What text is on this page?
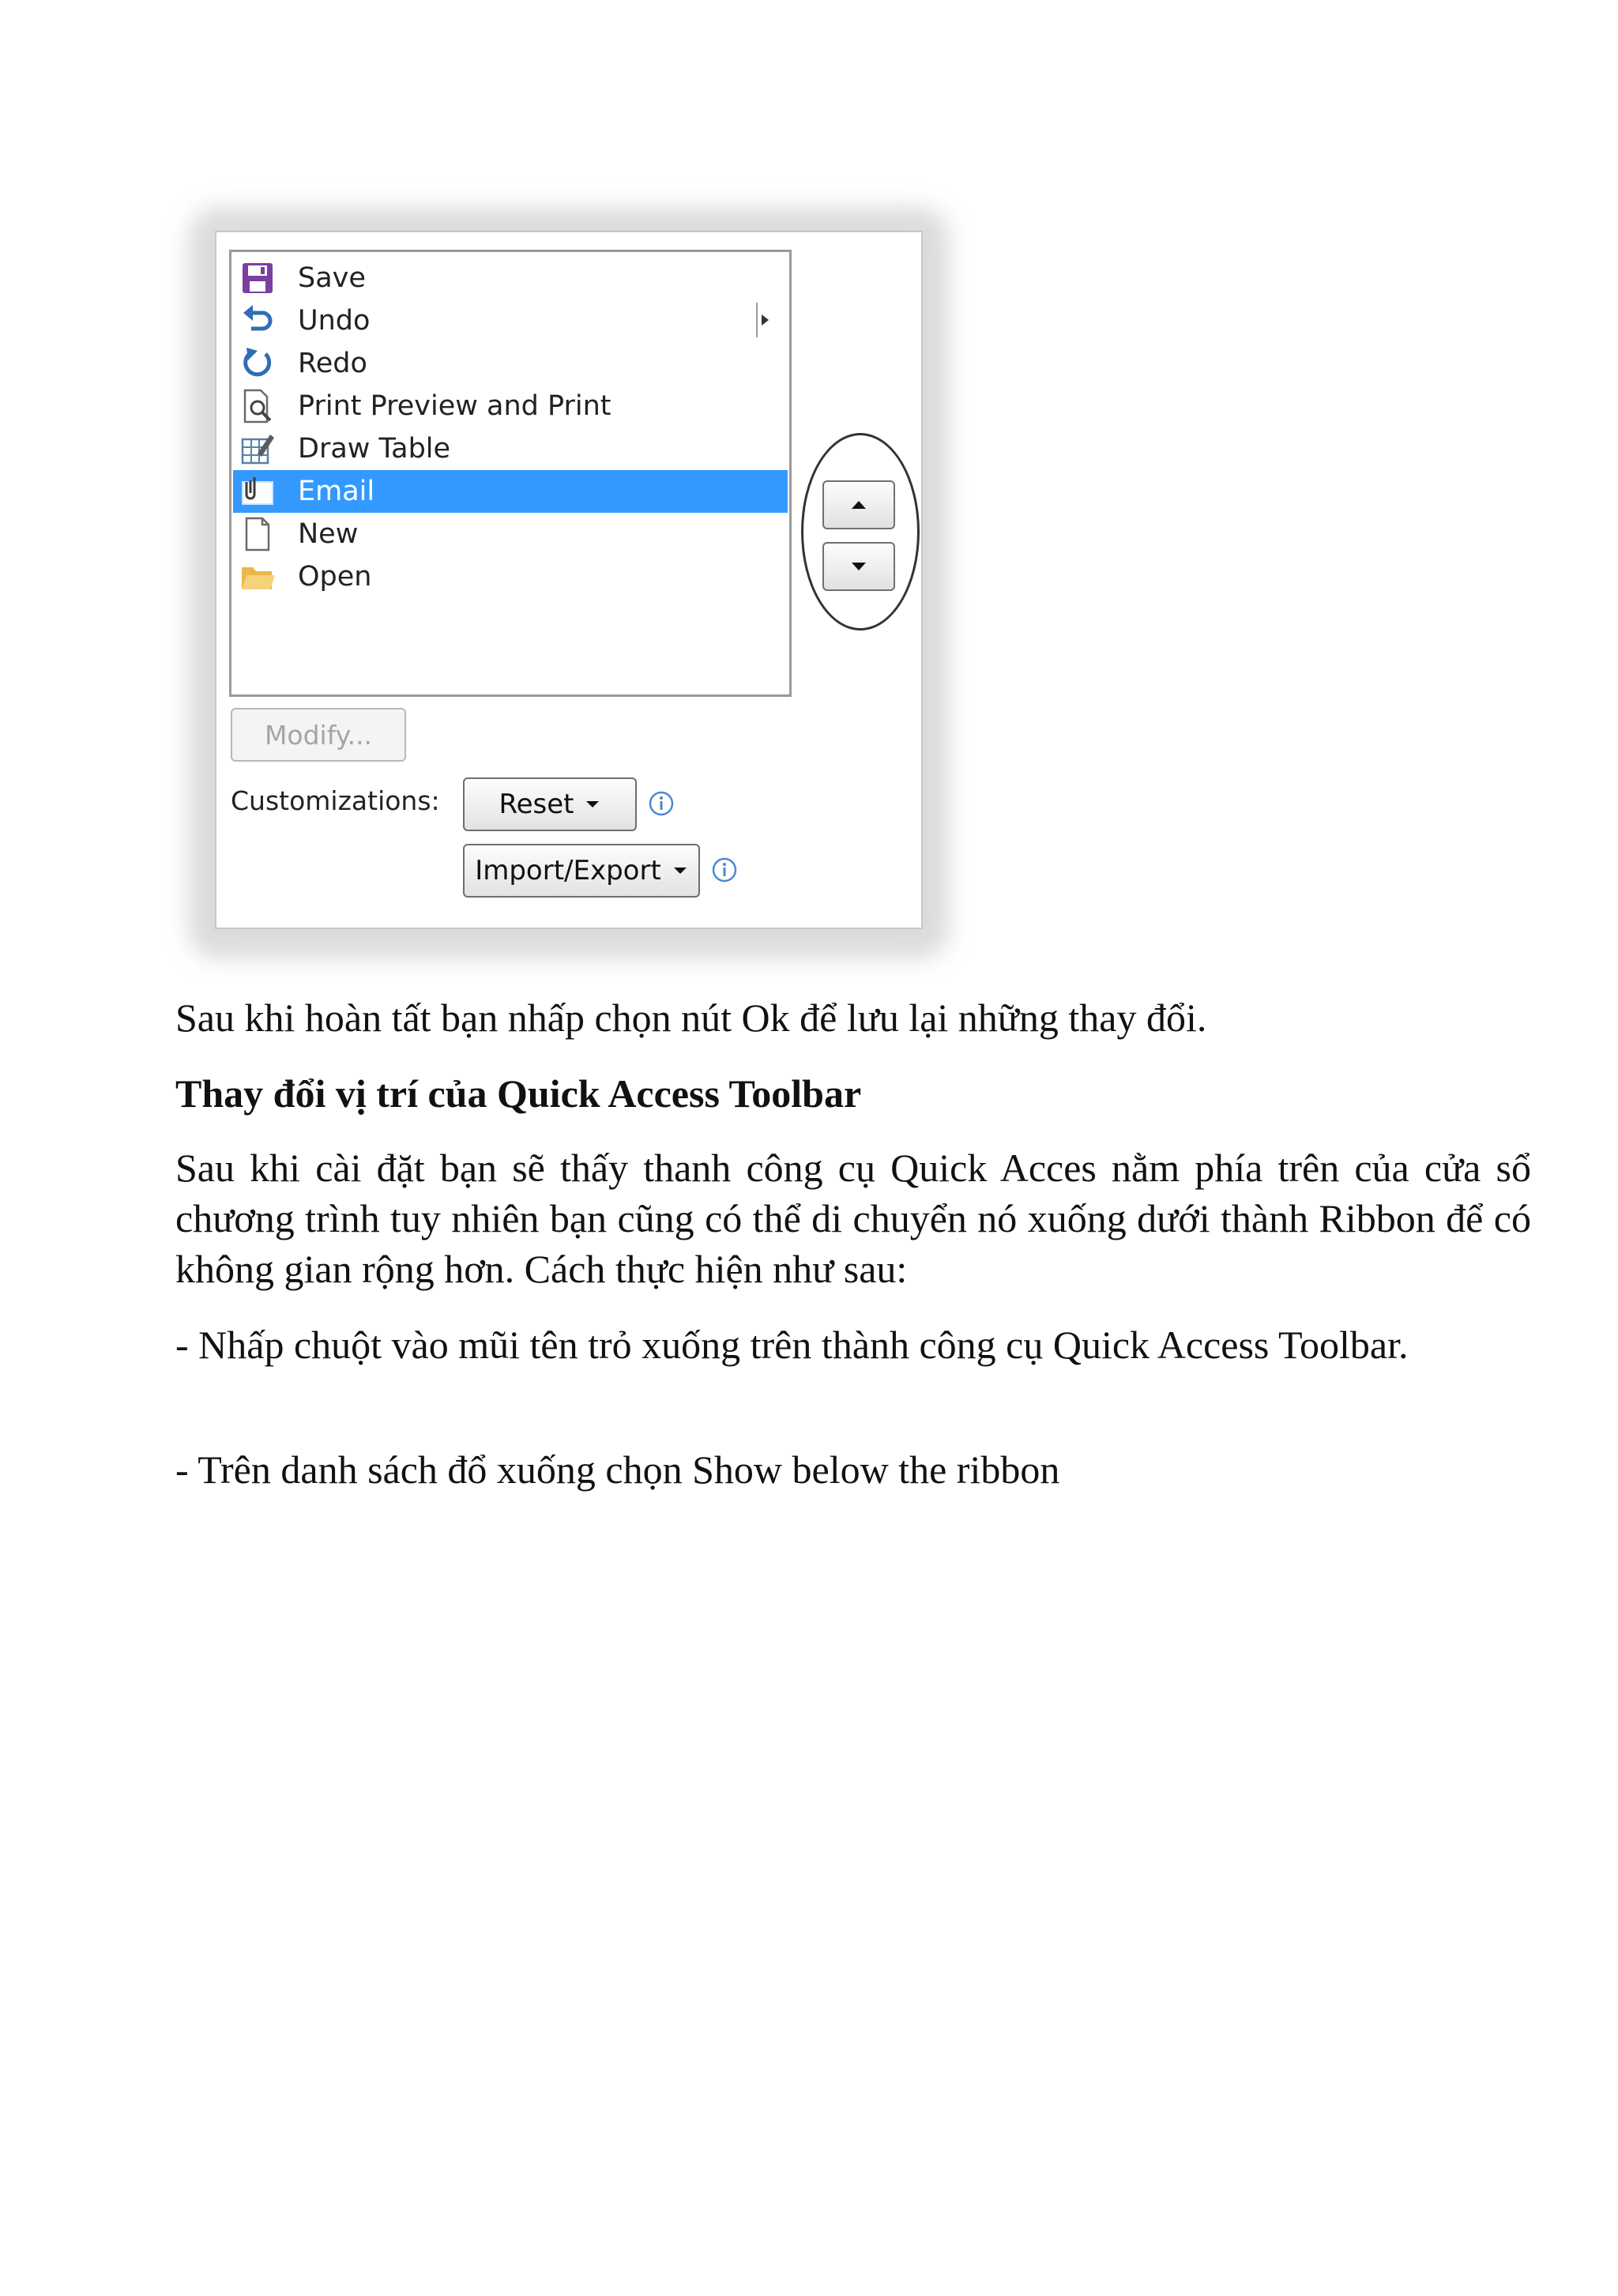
Save
Undo
Redo
Print Preview and Print
Draw Table
Email
New
Open
Modify...
Customizations: Reset
Import/Export

Sau khi hoàn tất bạn nhấp chọn nút Ok để lưu lại những thay đổi.

Thay đổi vị trí của Quick Access Toolbar

Sau khi cài đặt bạn sẽ thấy thanh công cụ Quick Acces nằm phía trên của cửa sổ chương trình tuy nhiên bạn cũng có thể di chuyển nó xuống dưới thành Ribbon để có không gian rộng hơn. Cách thực hiện như sau:

- Nhấp chuột vào mũi tên trỏ xuống trên thành công cụ Quick Access Toolbar.

- Trên danh sách đổ xuống chọn Show below the ribbon
